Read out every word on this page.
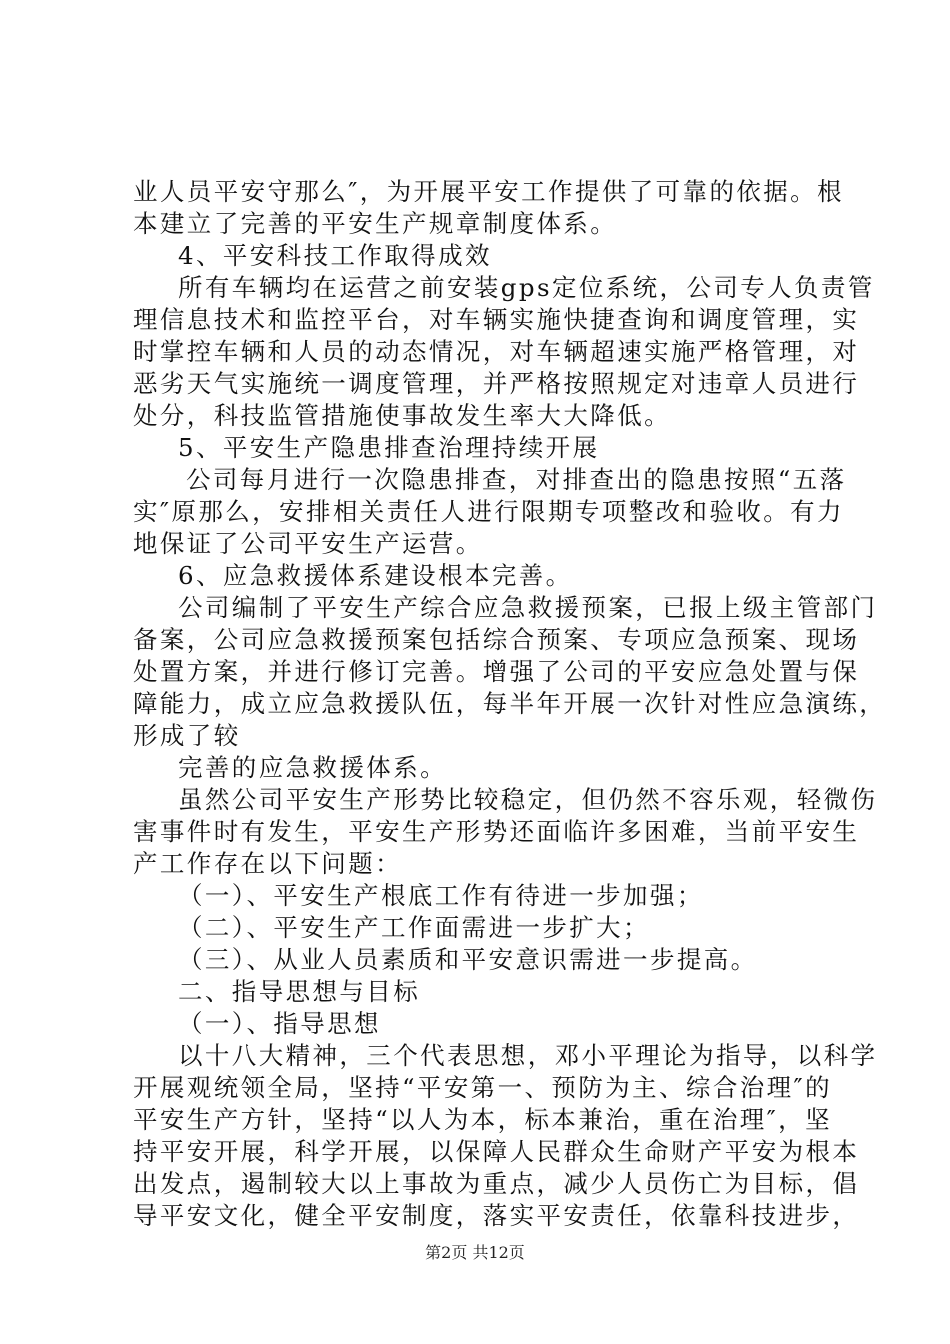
业人员平安守那么″，为开展平安工作提供了可靠的依据。根
本建立了完善的平安生产规章制度体系。
4、平安科技工作取得成效
所有车辆均在运营之前安装gps定位系统，公司专人负责管
理信息技术和监控平台，对车辆实施快捷查询和调度管理，实
时掌控车辆和人员的动态情况，对车辆超速实施严格管理，对
恶劣天气实施统一调度管理，并严格按照规定对违章人员进行
处分，科技监管措施使事故发生率大大降低。
5、平安生产隐患排查治理持续开展
公司每月进行一次隐患排查，对排查出的隐患按照“五落
实″原那么，安排相关责任人进行限期专项整改和验收。有力
地保证了公司平安生产运营。
6、应急救援体系建设根本完善。
公司编制了平安生产综合应急救援预案，已报上级主管部门
备案，公司应急救援预案包括综合预案、专项应急预案、现场
处置方案，并进行修订完善。增强了公司的平安应急处置与保
障能力，成立应急救援队伍，每半年开展一次针对性应急演练，
形成了较
完善的应急救援体系。
虽然公司平安生产形势比较稳定，但仍然不容乐观，轻微伤
害事件时有发生，平安生产形势还面临许多困难，当前平安生
产工作存在以下问题：
（一）、平安生产根底工作有待进一步加强；
（二）、平安生产工作面需进一步扩大；
（三）、从业人员素质和平安意识需进一步提高。
二、指导思想与目标
（一）、指导思想
以十八大精神，三个代表思想，邓小平理论为指导，以科学
开展观统领全局，坚持“平安第一、预防为主、综合治理″的
平安生产方针，坚持“以人为本，标本兼治，重在治理″，坚
持平安开展，科学开展，以保障人民群众生命财产平安为根本
出发点，遏制较大以上事故为重点，减少人员伤亡为目标，倡
导平安文化，健全平安制度，落实平安责任，依靠科技进步，
第2页 共12页
